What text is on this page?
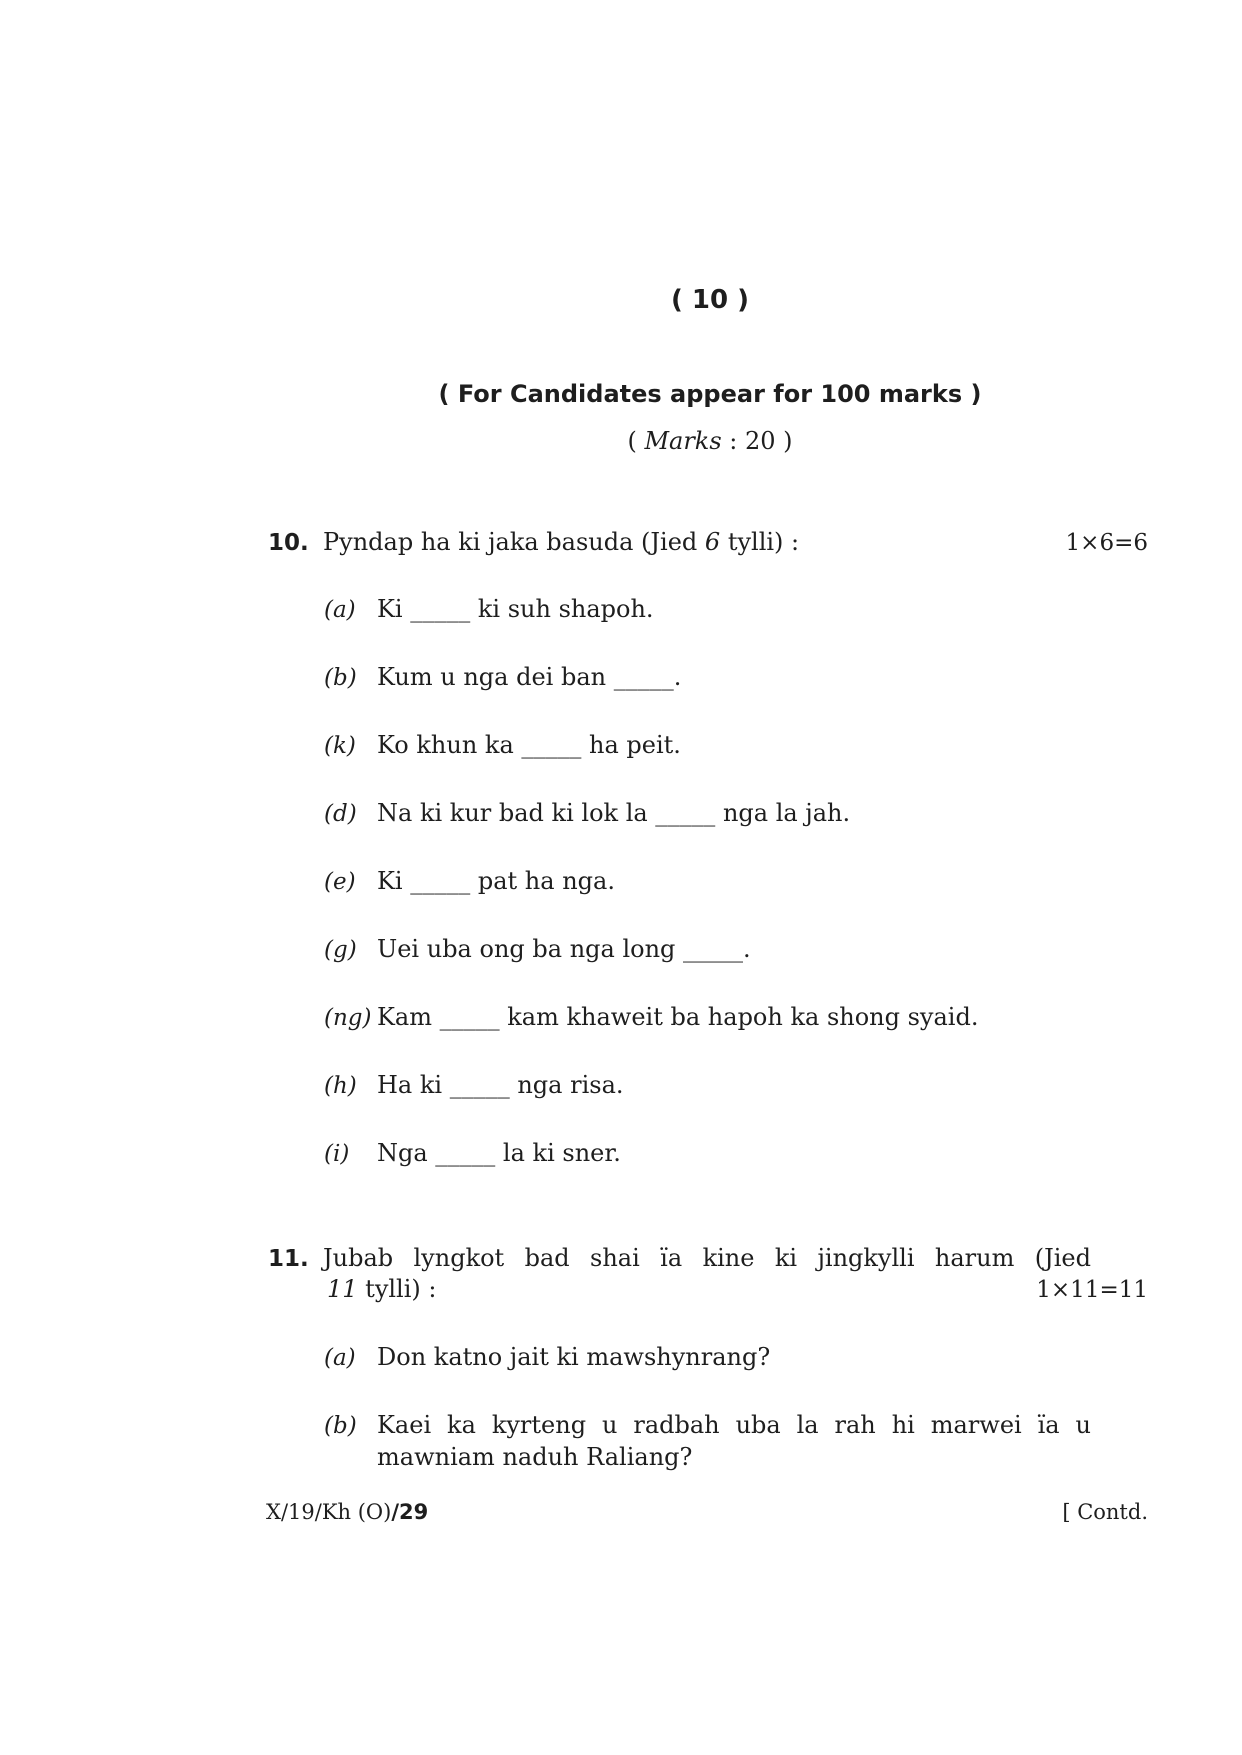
( 10 )
( For Candidates appear for 100 marks )
( Marks : 20 )
10. Pyndap ha ki jaka basuda (Jied 6 tylli) :	1×6=6
(a) Ki _____ ki suh shapoh.
(b) Kum u nga dei ban _____.
(k) Ko khun ka _____ ha peit.
(d) Na ki kur bad ki lok la _____ nga la jah.
(e) Ki _____ pat ha nga.
(g) Uei uba ong ba nga long _____.
(ng) Kam _____ kam khaweit ba hapoh ka shong syaid.
(h) Ha ki _____ nga risa.
(i) Nga _____ la ki sner.
11. Jubab lyngkot bad shai ïa kine ki jingkylli harum (Jied
11 tylli) :	1×11=11
(a) Don katno jait ki mawshynrang?
(b) Kaei ka kyrteng u radbah uba la rah hi marwei ïa u
mawniam naduh Raliang?
X/19/Kh (O)/29	[ Contd.
